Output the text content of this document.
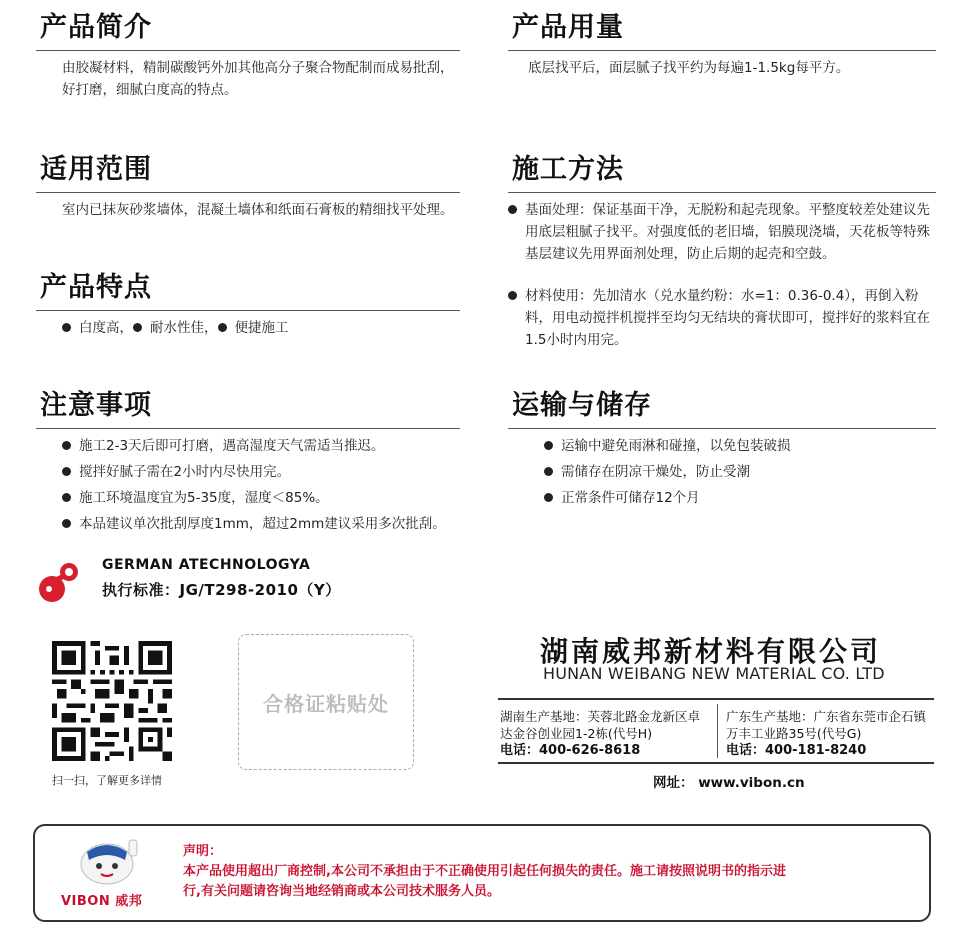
产品简介
由胶凝材料，精制碳酸钙外加其他高分子聚合物配制而成易批刮，好打磨，细腻白度高的特点。
产品用量
底层找平后，面层腻子找平约为每遍1-1.5kg每平方。
适用范围
室内已抹灰砂浆墙体，混凝土墙体和纸面石膏板的精细找平处理。
施工方法
基面处理：保证基面干净，无脱粉和起壳现象。平整度较差处建议先用底层粗腻子找平。对强度低的老旧墙，铝膜现浇墙，天花板等特殊基层建议先用界面剂处理，防止后期的起壳和空鼓。
材料使用：先加清水（兑水量约粉：水=1：0.36-0.4），再倒入粉料，用电动搅拌机搅拌至均匀无结块的膏状即可，搅拌好的浆料宜在1.5小时内用完。
产品特点
白度高， 耐水性佳， 便捷施工
注意事项
施工2-3天后即可打磨，遇高湿度天气需适当推迟。
搅拌好腻子需在2小时内尽快用完。
施工环境温度宜为5-35度，湿度＜85%。
本品建议单次批刮厚度1mm，超过2mm建议采用多次批刮。
运输与储存
运输中避免雨淋和碰撞，以免包装破损
需储存在阴凉干燥处，防止受潮
正常条件可储存12个月
GERMAN ATECHNOLOGYA
执行标准：JG/T298-2010（Y）
扫一扫，了解更多详情
合格证粘贴处
湖南威邦新材料有限公司
HUNAN WEIBANG NEW MATERIAL CO. LTD
湖南生产基地：芙蓉北路金龙新区卓达金谷创业园1-2栋(代号H)
电话：400-626-8618
广东生产基地：广东省东莞市企石镇万丰工业路35号(代号G)
电话：400-181-8240
网址： www.vibon.cn
VIBON 威邦
声明：
本产品使用超出厂商控制,本公司不承担由于不正确使用引起任何损失的责任。施工请按照说明书的指示进行,有关问题请咨询当地经销商或本公司技术服务人员。
